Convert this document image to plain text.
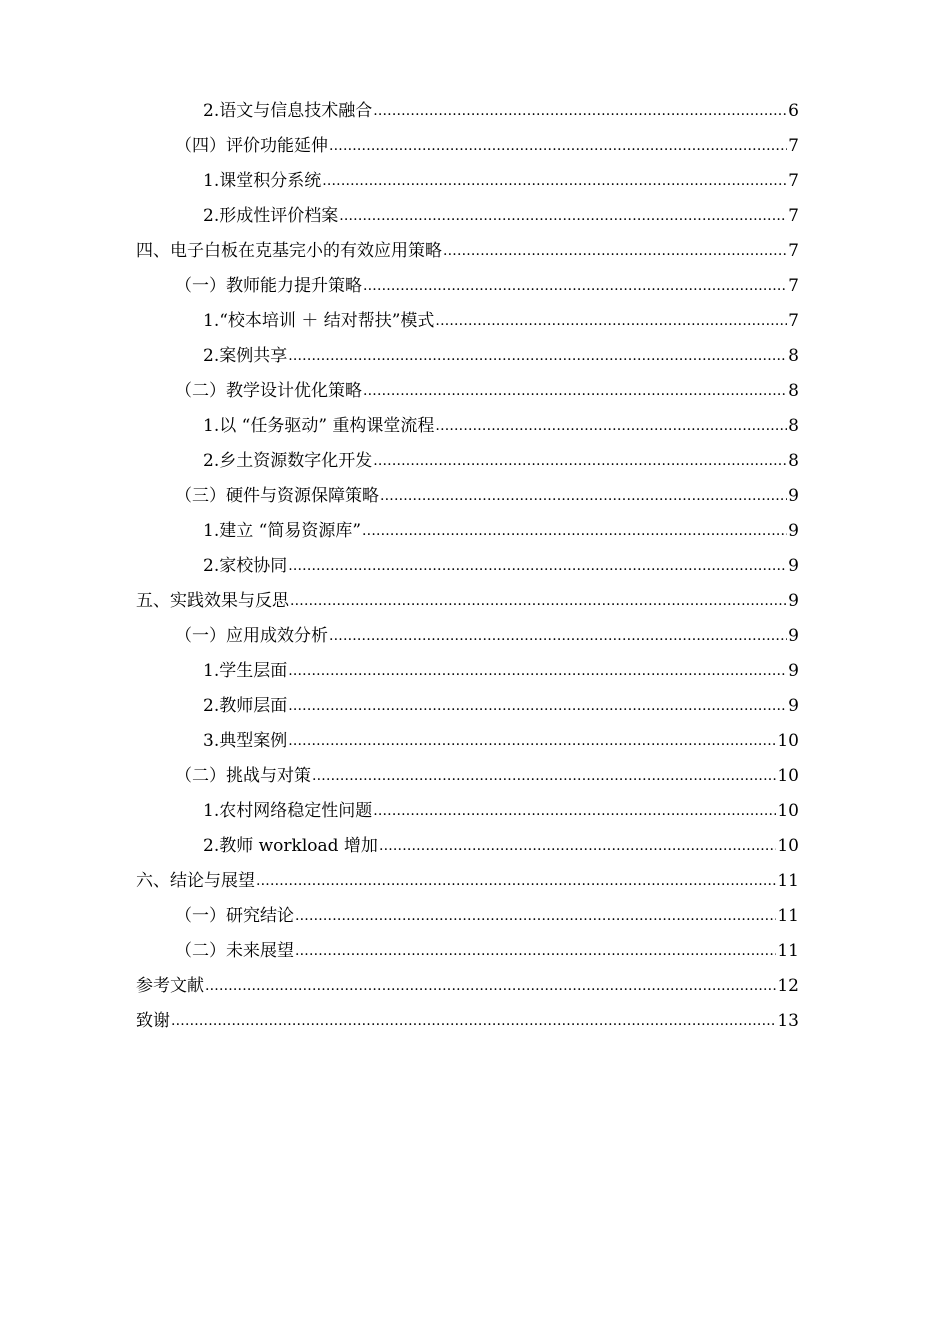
2.语文与信息技术融合 .....	6
（四）评价功能延伸 .....	7
1.课堂积分系统 .....	7
2.形成性评价档案 .....	7
四、电子白板在克基完小的有效应用策略 .....	7
（一）教师能力提升策略 .....	7
1.“校本培训 ＋ 结对帮扶”模式 .....	7
2.案例共享 .....	8
（二）教学设计优化策略 .....	8
1.以 “任务驱动” 重构课堂流程 .....	8
2.乡土资源数字化开发 .....	8
（三）硬件与资源保障策略 .....	9
1.建立 “简易资源库” .....	9
2.家校协同 .....	9
五、实践效果与反思 .....	9
（一）应用成效分析 .....	9
1.学生层面 .....	9
2.教师层面 .....	9
3.典型案例 .....	10
（二）挑战与对策 .....	10
1.农村网络稳定性问题 .....	10
2.教师 workload 增加 .....	10
六、结论与展望 .....	11
（一）研究结论 .....	11
（二）未来展望 .....	11
参考文献 .....	12
致谢 .....	13
